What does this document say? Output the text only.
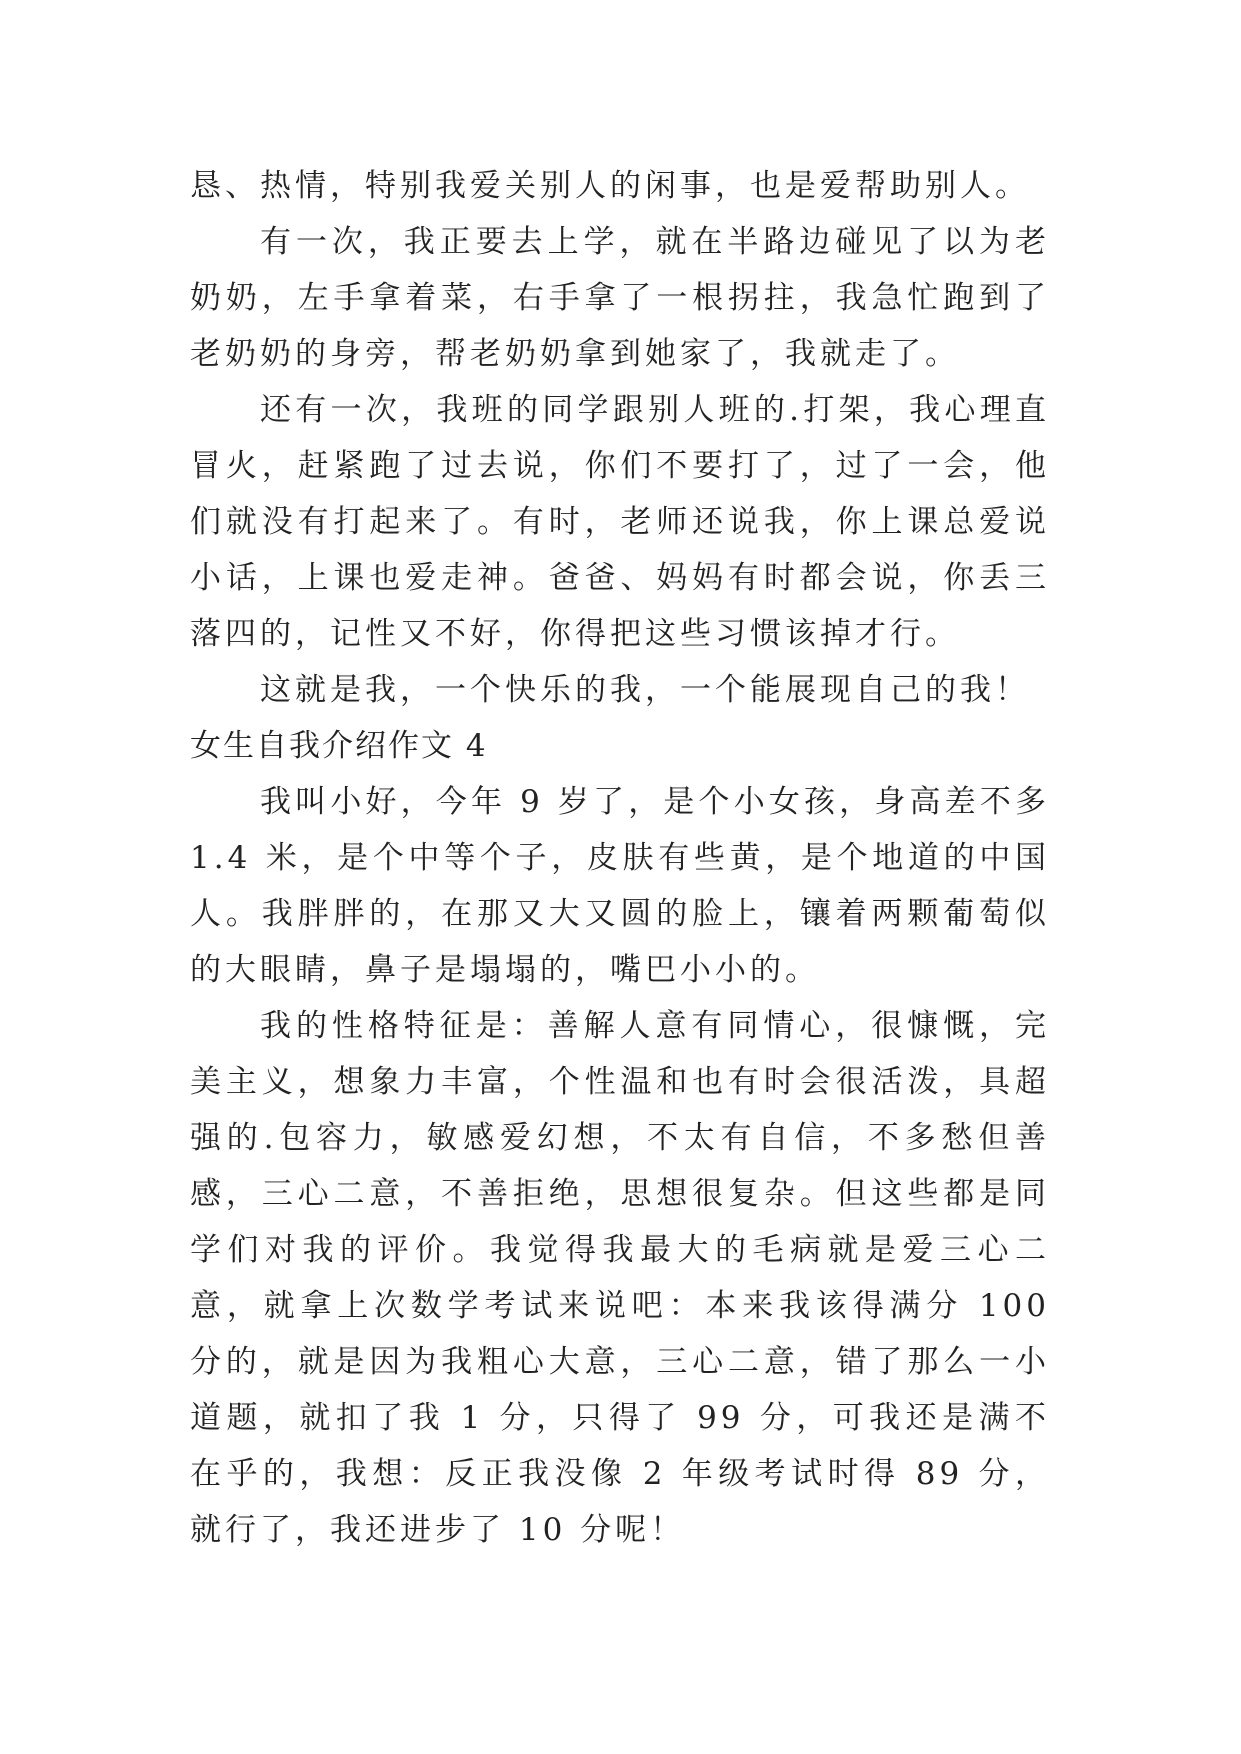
恳、热情，特别我爱关别人的闲事，也是爱帮助别人。

有一次，我正要去上学，就在半路边碰见了以为老奶奶，左手拿着菜，右手拿了一根拐拄，我急忙跑到了老奶奶的身旁，帮老奶奶拿到她家了，我就走了。

还有一次，我班的同学跟别人班的.打架，我心理直冒火，赶紧跑了过去说，你们不要打了，过了一会，他们就没有打起来了。有时，老师还说我，你上课总爱说小话，上课也爱走神。爸爸、妈妈有时都会说，你丢三落四的，记性又不好，你得把这些习惯该掉才行。

这就是我，一个快乐的我，一个能展现自己的我！

女生自我介绍作文 4

我叫小好，今年 9 岁了，是个小女孩，身高差不多 1.4 米，是个中等个子，皮肤有些黄，是个地道的中国人。我胖胖的，在那又大又圆的脸上，镶着两颗葡萄似的大眼睛，鼻子是塌塌的，嘴巴小小的。

我的性格特征是：善解人意有同情心，很慷慨，完美主义，想象力丰富，个性温和也有时会很活泼，具超强的.包容力，敏感爱幻想，不太有自信，不多愁但善感，三心二意，不善拒绝，思想很复杂。但这些都是同学们对我的评价。我觉得我最大的毛病就是爱三心二意，就拿上次数学考试来说吧：本来我该得满分 100 分的，就是因为我粗心大意，三心二意，错了那么一小道题，就扣了我 1 分，只得了 99 分，可我还是满不在乎的，我想：反正我没像 2 年级考试时得 89 分，就行了，我还进步了 10 分呢！
